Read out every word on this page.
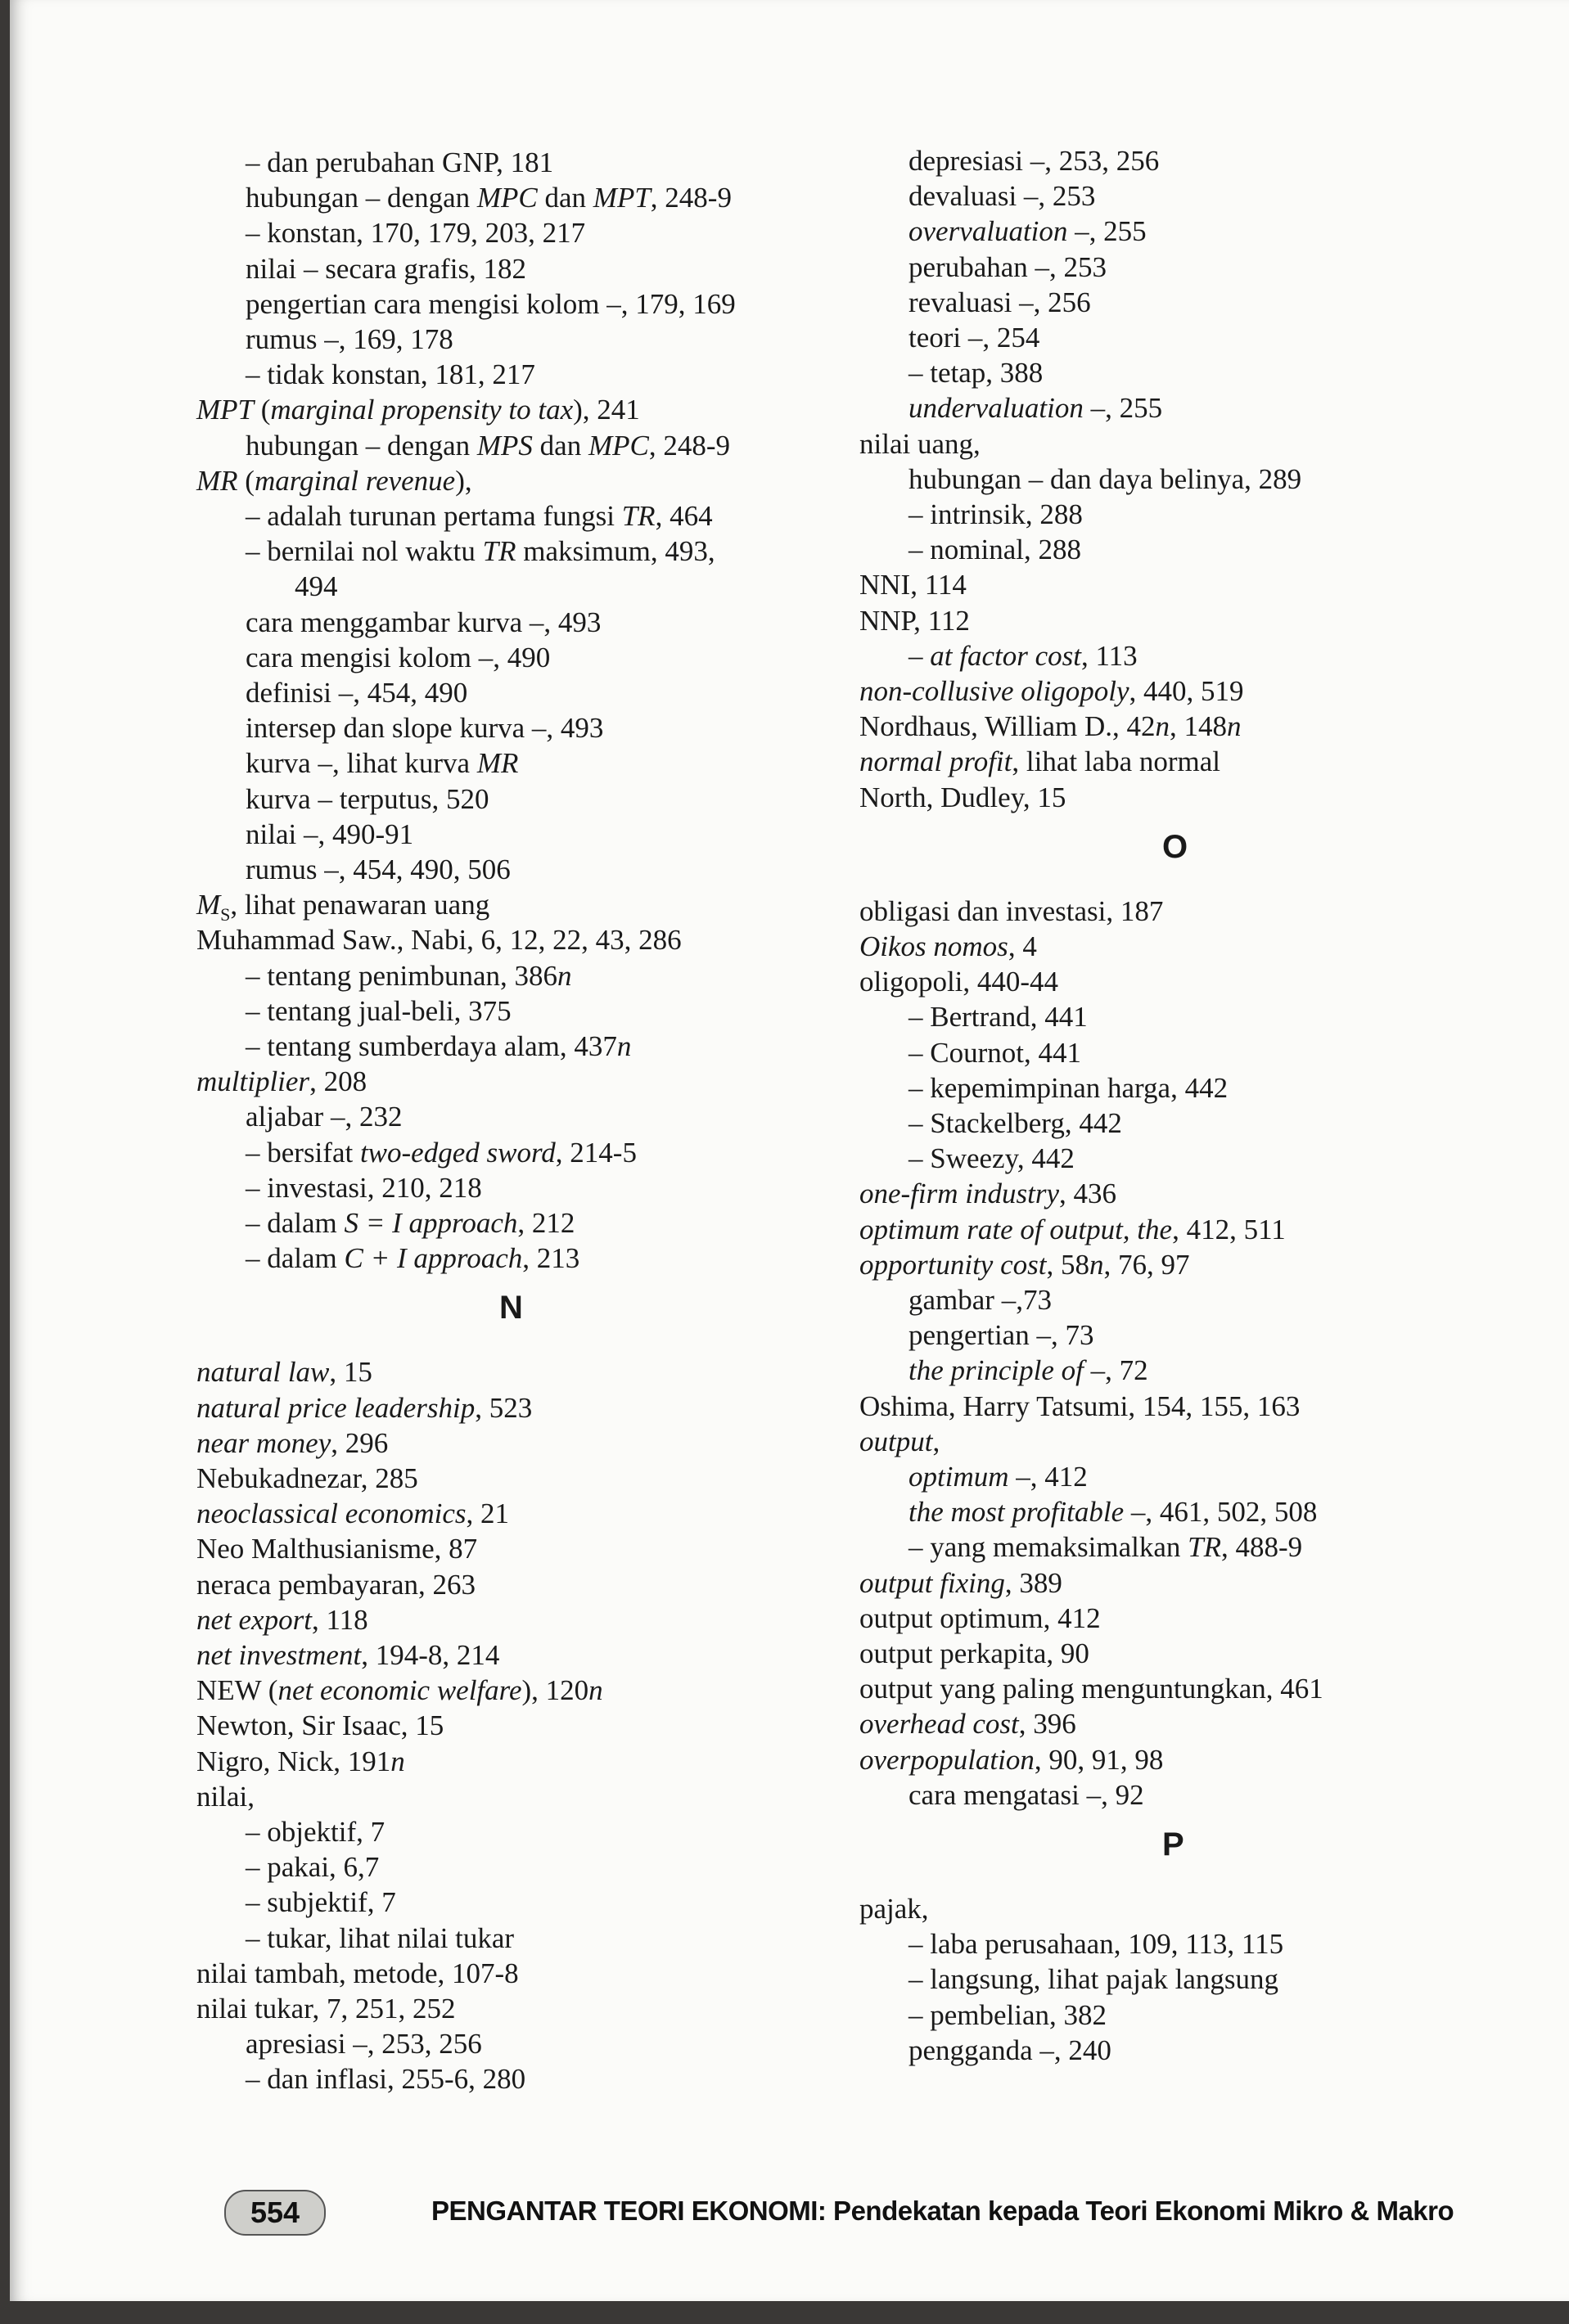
– dan perubahan GNP, 181
hubungan – dengan MPC dan MPT, 248-9
– konstan, 170, 179, 203, 217
nilai – secara grafis, 182
pengertian cara mengisi kolom –, 179, 169
rumus –, 169, 178
– tidak konstan, 181, 217
MPT (marginal propensity to tax), 241
hubungan – dengan MPS dan MPC, 248-9
MR (marginal revenue),
– adalah turunan pertama fungsi TR, 464
– bernilai nol waktu TR maksimum, 493,
494
cara menggambar kurva –, 493
cara mengisi kolom –, 490
definisi –, 454, 490
intersep dan slope kurva –, 493
kurva –, lihat kurva MR
kurva – terputus, 520
nilai –, 490-91
rumus –, 454, 490, 506
$M_S$, lihat penawaran uang
Muhammad Saw., Nabi, 6, 12, 22, 43, 286
– tentang penimbunan, 386n
– tentang jual-beli, 375
– tentang sumberdaya alam, 437n
multiplier, 208
aljabar –, 232
– bersifat two-edged sword, 214-5
– investasi, 210, 218
– dalam S = I approach, 212
– dalam C + I approach, 213
N
natural law, 15
natural price leadership, 523
near money, 296
Nebukadnezar, 285
neoclassical economics, 21
Neo Malthusianisme, 87
neraca pembayaran, 263
net export, 118
net investment, 194-8, 214
NEW (net economic welfare), 120n
Newton, Sir Isaac, 15
Nigro, Nick, 191n
nilai,
– objektif, 7
– pakai, 6,7
– subjektif, 7
– tukar, lihat nilai tukar
nilai tambah, metode, 107-8
nilai tukar, 7, 251, 252
apresiasi –, 253, 256
– dan inflasi, 255-6, 280
depresiasi –, 253, 256
devaluasi –, 253
overvaluation –, 255
perubahan –, 253
revaluasi –, 256
teori –, 254
– tetap, 388
undervaluation –, 255
nilai uang,
hubungan – dan daya belinya, 289
– intrinsik, 288
– nominal, 288
NNI, 114
NNP, 112
– at factor cost, 113
non-collusive oligopoly, 440, 519
Nordhaus, William D., 42n, 148n
normal profit, lihat laba normal
North, Dudley, 15
O
obligasi dan investasi, 187
Oikos nomos, 4
oligopoli, 440-44
– Bertrand, 441
– Cournot, 441
– kepemimpinan harga, 442
– Stackelberg, 442
– Sweezy, 442
one-firm industry, 436
optimum rate of output, the, 412, 511
opportunity cost, 58n, 76, 97
gambar –,73
pengertian –, 73
the principle of –, 72
Oshima, Harry Tatsumi, 154, 155, 163
output,
optimum –, 412
the most profitable –, 461, 502, 508
– yang memaksimalkan TR, 488-9
output fixing, 389
output optimum, 412
output perkapita, 90
output yang paling menguntungkan, 461
overhead cost, 396
overpopulation, 90, 91, 98
cara mengatasi –, 92
P
pajak,
– laba perusahaan, 109, 113, 115
– langsung, lihat pajak langsung
– pembelian, 382
pengganda –, 240
554	PENGANTAR TEORI EKONOMI: Pendekatan kepada Teori Ekonomi Mikro & Makro
